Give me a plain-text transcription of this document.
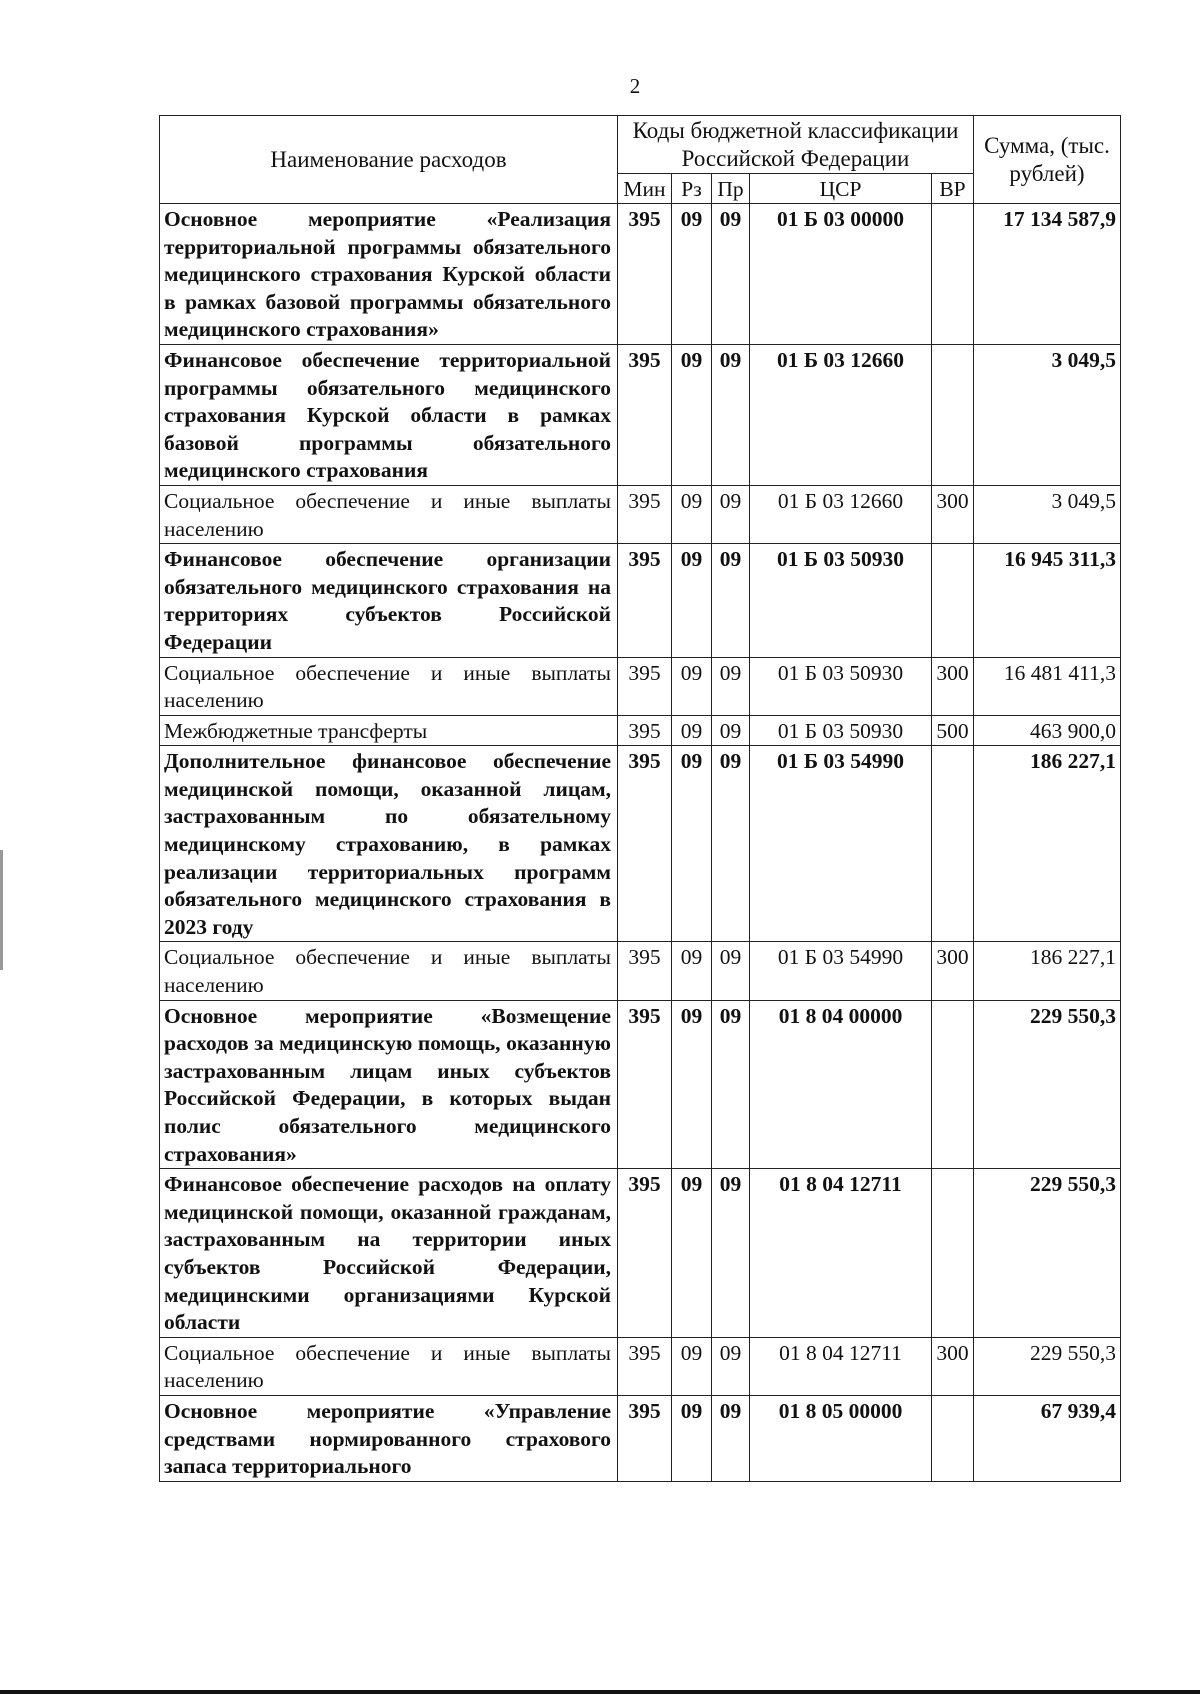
2
Наименование расходов	Коды бюджетной классификации Российской Федерации					Сумма, (тыс. рублей)
	Мин	Рз	Пр	ЦСР	ВР	
Основное мероприятие «Реализация территориальной программы обязательного медицинского страхования Курской области в рамках базовой программы обязательного медицинского страхования»	395	09	09	01 Б 03 00000		17 134 587,9
Финансовое обеспечение территориальной программы обязательного медицинского страхования Курской области в рамках базовой программы обязательного медицинского страхования	395	09	09	01 Б 03 12660		3 049,5
Социальное обеспечение и иные выплаты населению	395	09	09	01 Б 03 12660	300	3 049,5
Финансовое обеспечение организации обязательного медицинского страхования на территориях субъектов Российской Федерации	395	09	09	01 Б 03 50930		16 945 311,3
Социальное обеспечение и иные выплаты населению	395	09	09	01 Б 03 50930	300	16 481 411,3
Межбюджетные трансферты	395	09	09	01 Б 03 50930	500	463 900,0
Дополнительное финансовое обеспечение медицинской помощи, оказанной лицам, застрахованным по обязательному медицинскому страхованию, в рамках реализации территориальных программ обязательного медицинского страхования в 2023 году	395	09	09	01 Б 03 54990		186 227,1
Социальное обеспечение и иные выплаты населению	395	09	09	01 Б 03 54990	300	186 227,1
Основное мероприятие «Возмещение расходов за медицинскую помощь, оказанную застрахованным лицам иных субъектов Российской Федерации, в которых выдан полис обязательного медицинского страхования»	395	09	09	01 8 04 00000		229 550,3
Финансовое обеспечение расходов на оплату медицинской помощи, оказанной гражданам, застрахованным на территории иных субъектов Российской Федерации, медицинскими организациями Курской области	395	09	09	01 8 04 12711		229 550,3
Социальное обеспечение и иные выплаты населению	395	09	09	01 8 04 12711	300	229 550,3
Основное мероприятие «Управление средствами нормированного страхового запаса территориального	395	09	09	01 8 05 00000		67 939,4
